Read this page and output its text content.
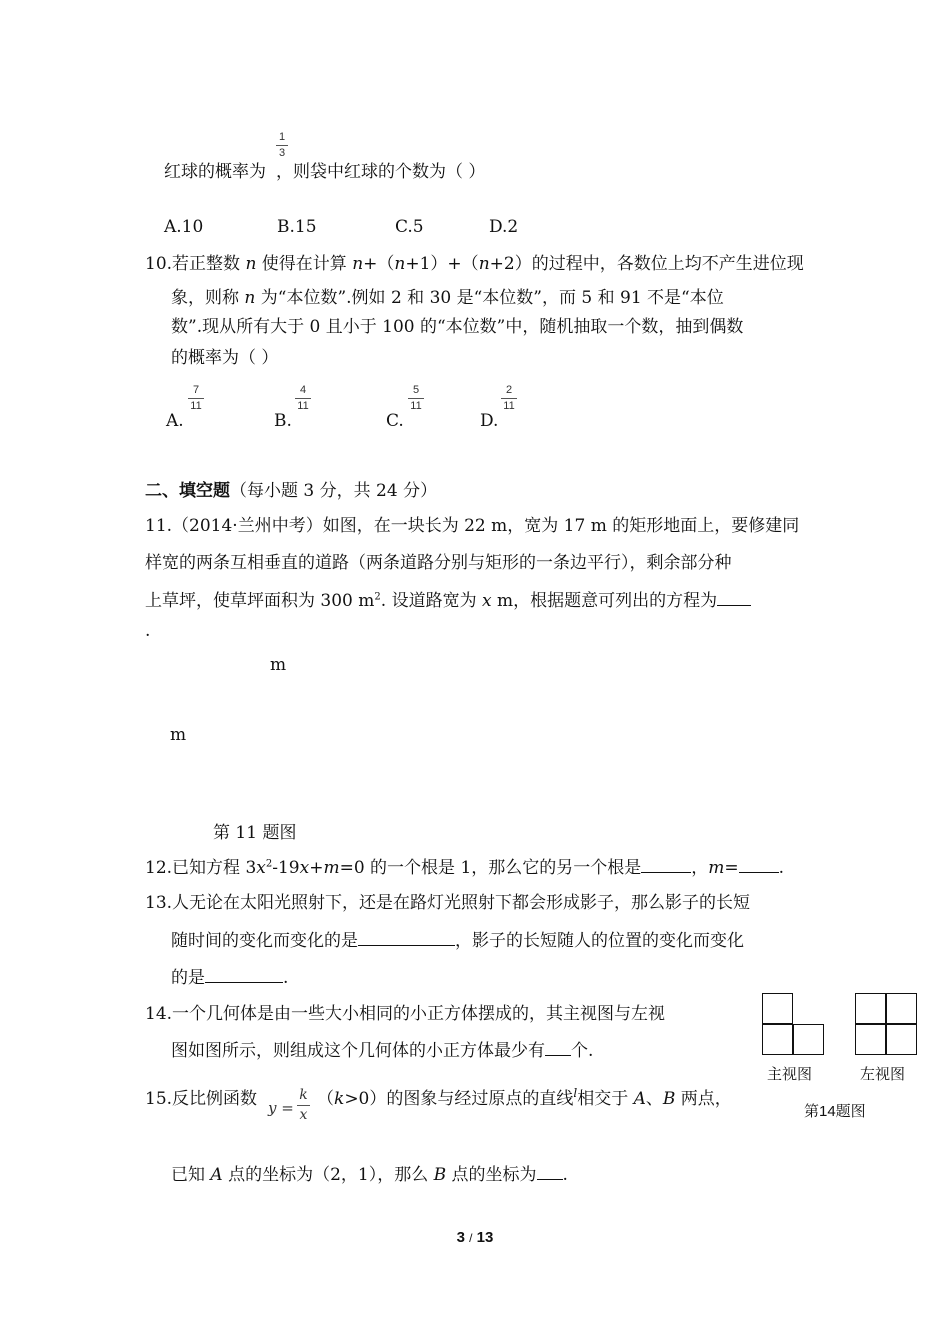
1
3
红球的概率为 ，则袋中红球的个数为（ ）
A.10	B.15	C.5	D.2
10.若正整数 n 使得在计算 n+（n+1）+（n+2）的过程中，各数位上均不产生进位现
象，则称 n 为“本位数”.例如 2 和 30 是“本位数”，而 5 和 91 不是“本位
数”.现从所有大于 0 且小于 100 的“本位数”中，随机抽取一个数，抽到偶数
的概率为（ ）
A.
7
11
B.
4
11
C.
5
11
D.
2
11
二、填空题（每小题 3 分，共 24 分）
11.（2014·兰州中考）如图，在一块长为 22 m，宽为 17 m 的矩形地面上，要修建同
样宽的两条互相垂直的道路（两条道路分别与矩形的一条边平行），剩余部分种
上草坪，使草坪面积为 300 $m^2$. 设道路宽为 x m，根据题意可列出的方程为
.
m
m
第 11 题图
12.已知方程 $3x^2-19x+m=0$ 的一个根是 1，那么它的另一个根是	，m= .
13.人无论在太阳光照射下，还是在路灯光照射下都会形成影子，那么影子的长短
随时间的变化而变化的是	，影子的长短随人的位置的变化而变化
的是	.
14.一个几何体是由一些大小相同的小正方体摆成的，其主视图与左视
图如图所示，则组成这个几何体的小正方体最少有 个.
主视图	左视图
第14题图
15.反比例函数 y =
k
x
（k>0）的图象与经过原点的直线$^l$相交于 A、B 两点，
已知 A 点的坐标为（2，1），那么 B 点的坐标为 .
3 / 13
